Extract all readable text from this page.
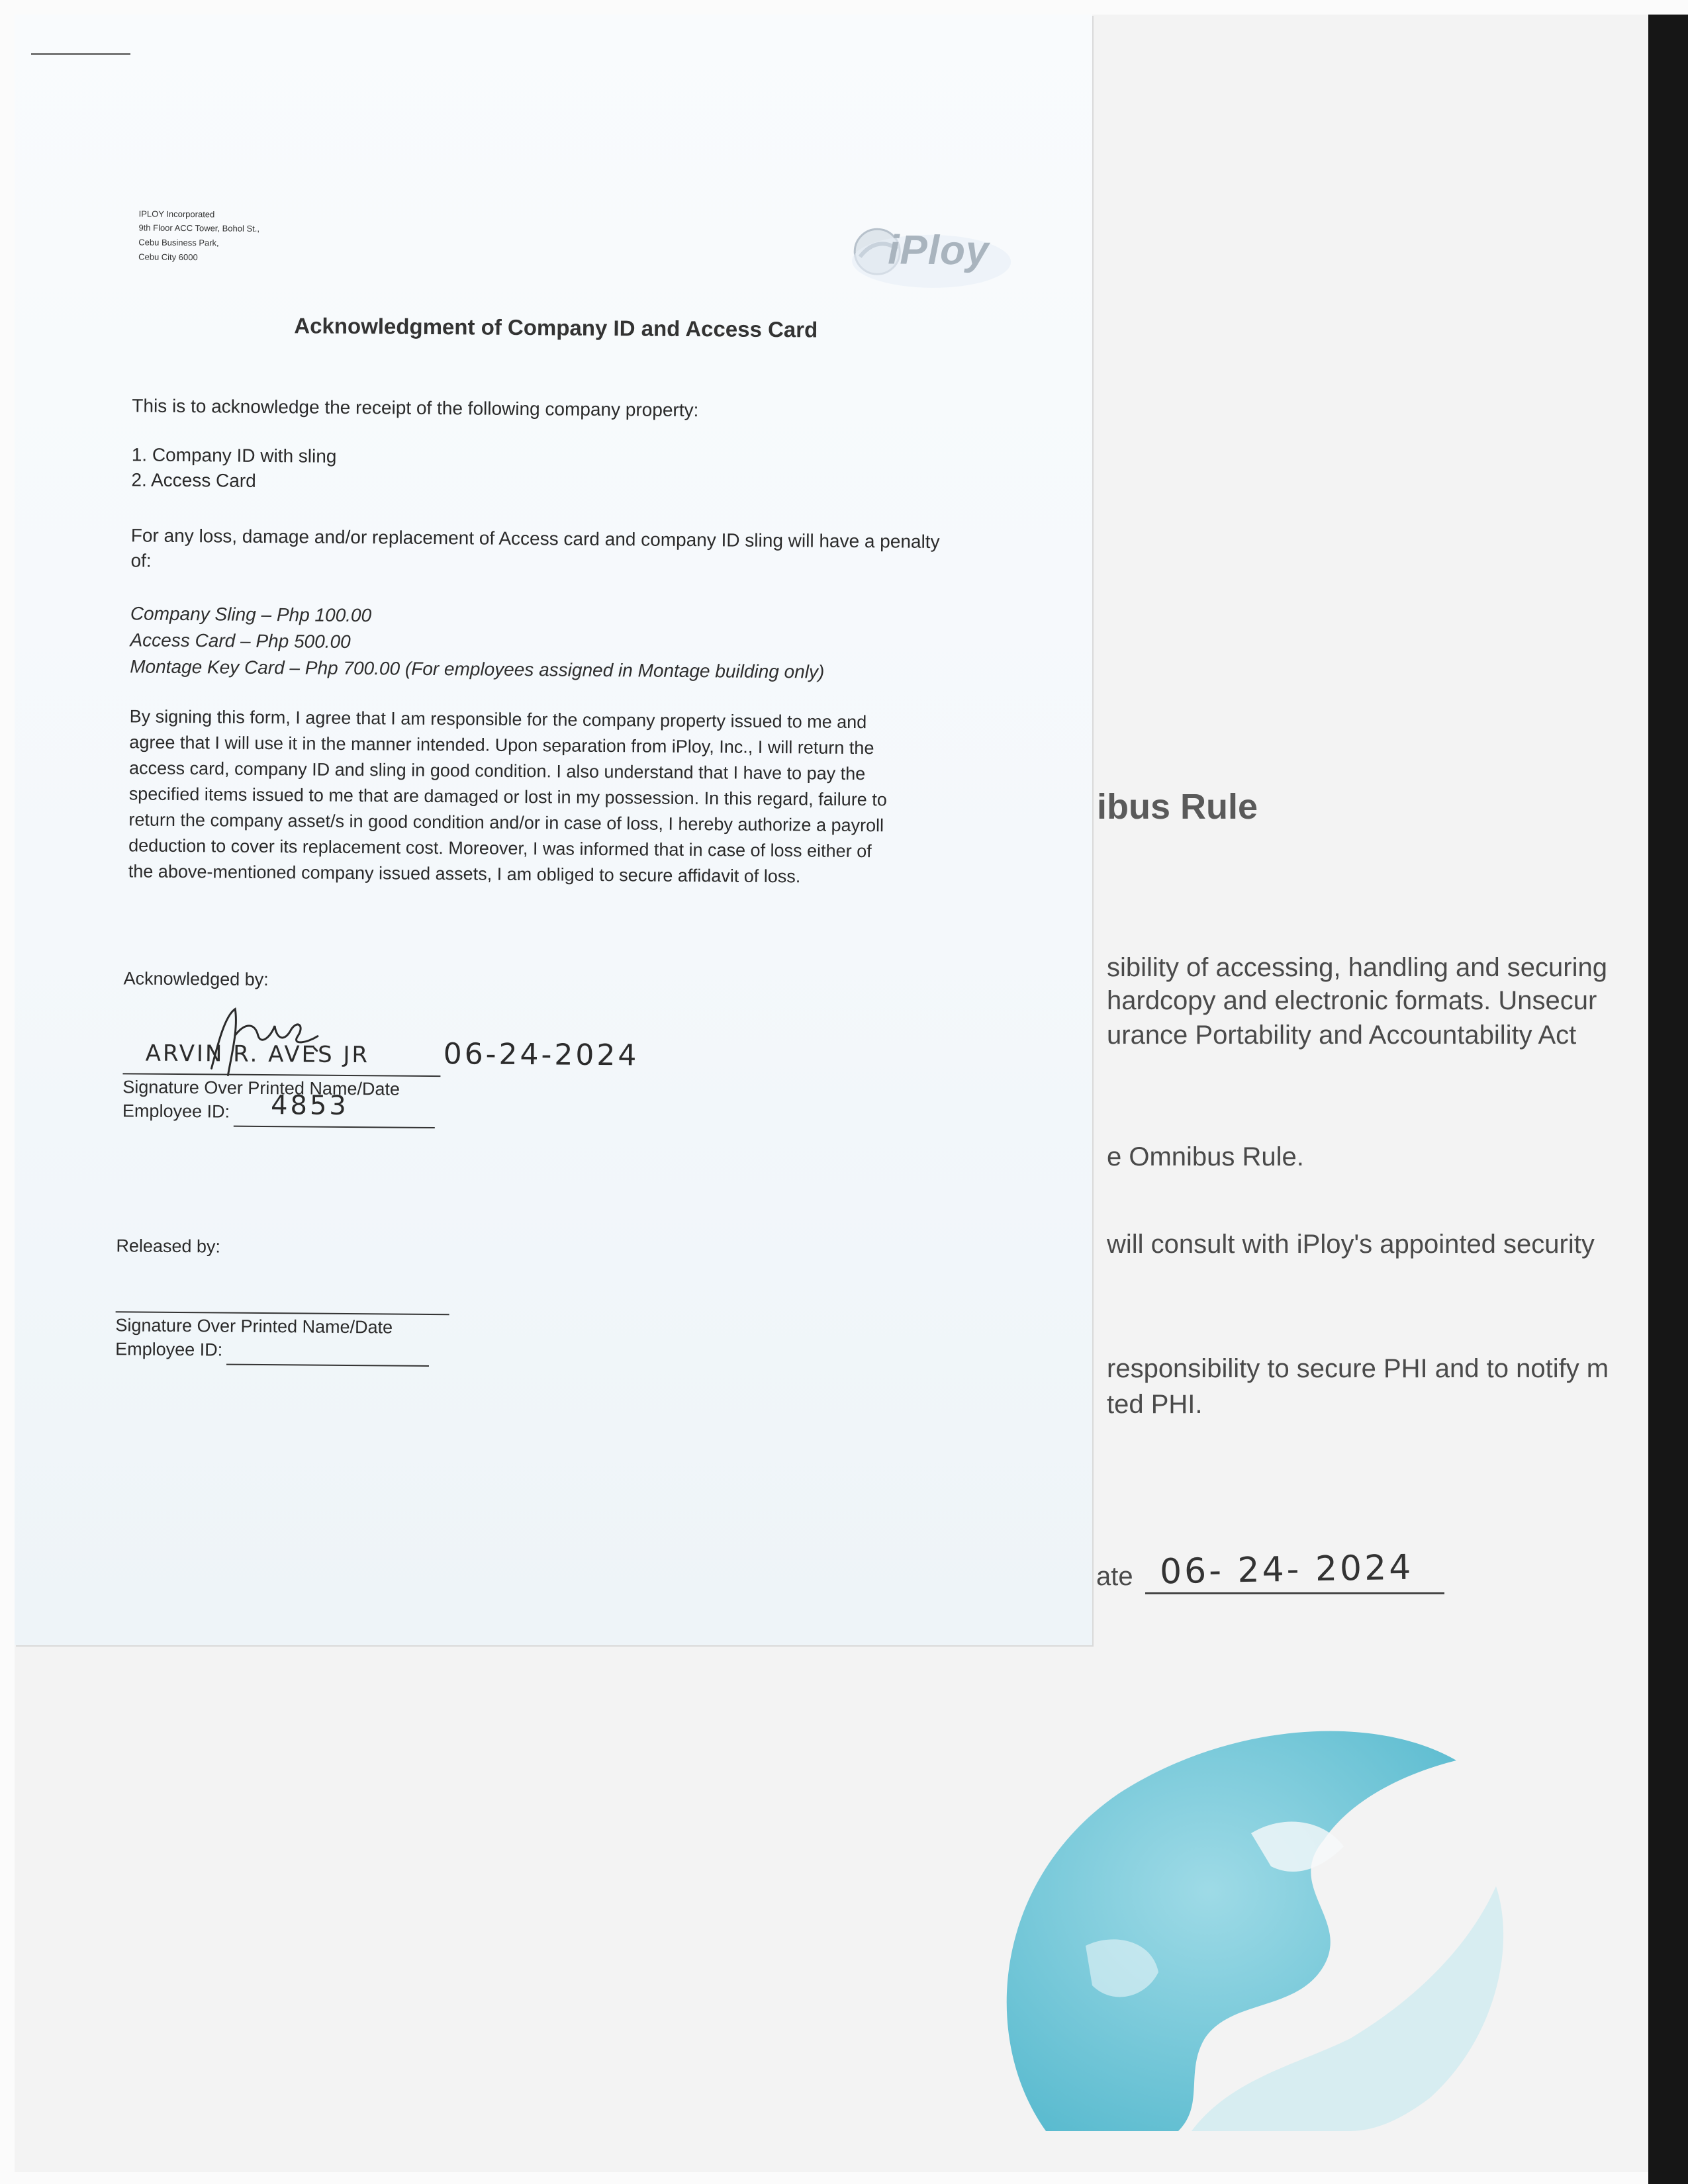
ibus Rule
sibility of accessing, handling and securing
hardcopy and electronic formats. Unsecur
urance Portability and Accountability Act
e Omnibus Rule.
will consult with iPloy's appointed security
responsibility to secure PHI and to notify m
ted PHI.
ate 06- 24- 2024
IPLOY Incorporated
9th Floor ACC Tower, Bohol St.,
Cebu Business Park,
Cebu City 6000	iPloy
Acknowledgment of Company ID and Access Card
This is to acknowledge the receipt of the following company property:
1. Company ID with sling
2. Access Card
For any loss, damage and/or replacement of Access card and company ID sling will have a penalty
of:
Company Sling – Php 100.00
Access Card – Php 500.00
Montage Key Card – Php 700.00 (For employees assigned in Montage building only)
By signing this form, I agree that I am responsible for the company property issued to me and
agree that I will use it in the manner intended. Upon separation from iPloy, Inc., I will return the
access card, company ID and sling in good condition. I also understand that I have to pay the
specified items issued to me that are damaged or lost in my possession. In this regard, failure to
return the company asset/s in good condition and/or in case of loss, I hereby authorize a payroll
deduction to cover its replacement cost. Moreover, I was informed that in case of loss either of
the above-mentioned company issued assets, I am obliged to secure affidavit of loss.
Acknowledged by:
ARVIN R. AVES JR	06-24-2024
Signature Over Printed Name/Date
Employee ID: 4853
Released by:
Signature Over Printed Name/Date
Employee ID:
